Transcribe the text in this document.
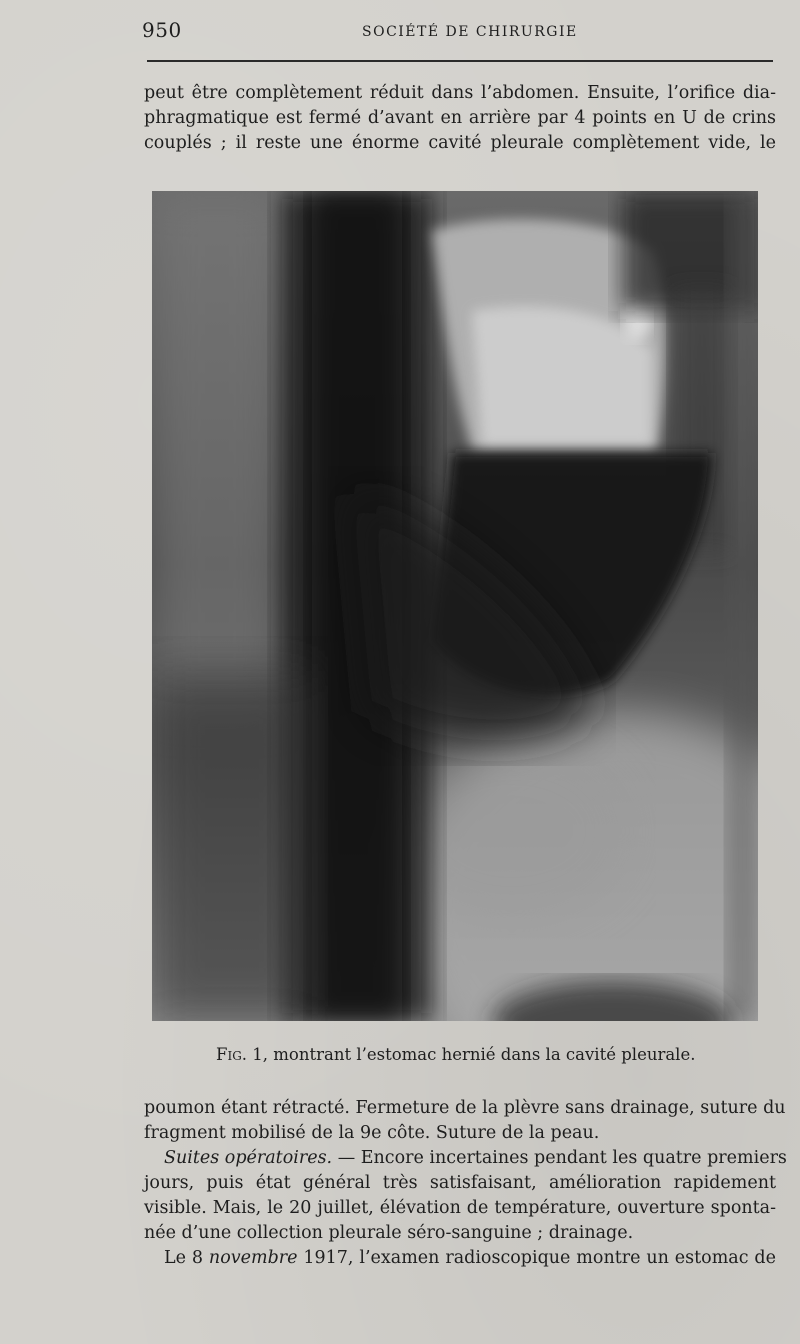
950	SOCIÉTÉ DE CHIRURGIE
peut être complètement réduit dans l’abdomen. Ensuite, l’orifice dia-
phragmatique est fermé d’avant en arrière par 4 points en U de crins
couplés ; il reste une énorme cavité pleurale complètement vide, le
Fig. 1, montrant l’estomac hernié dans la cavité pleurale.
poumon étant rétracté. Fermeture de la plèvre sans drainage, suture du
fragment mobilisé de la 9e côte. Suture de la peau.
Suites opératoires. — Encore incertaines pendant les quatre premiers
jours, puis état général très satisfaisant, amélioration rapidement
visible. Mais, le 20 juillet, élévation de température, ouverture sponta-
née d’une collection pleurale séro-sanguine ; drainage.
Le 8 novembre 1917, l’examen radioscopique montre un estomac de
